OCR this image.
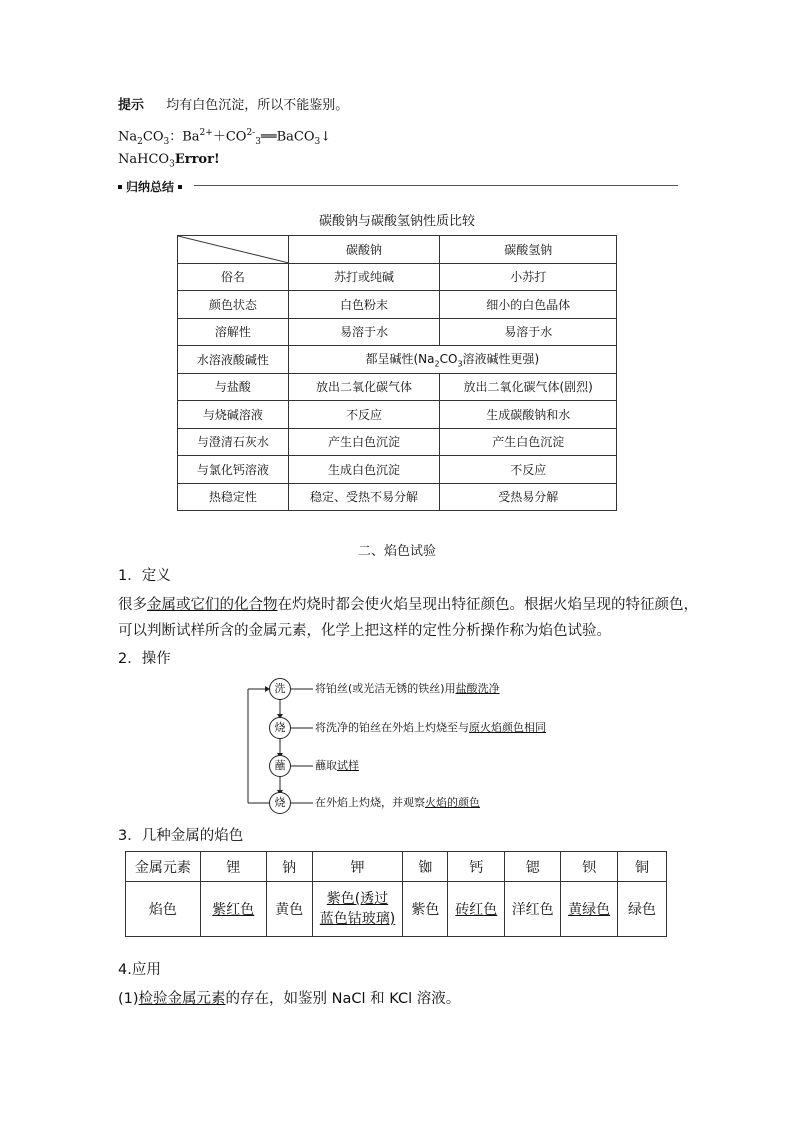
提示 均有白色沉淀，所以不能鉴别。
$Na_2CO_3$：$Ba^{2+}+CO^{2-}_3══BaCO_3↓$
NaHCO$_3$Error!
归纳总结
碳酸钠与碳酸氢钠性质比较
	碳酸钠	碳酸氢钠
俗名	苏打或纯碱	小苏打
颜色状态	白色粉末	细小的白色晶体
溶解性	易溶于水	易溶于水
水溶液酸碱性	都呈碱性($Na_2CO_3$溶液碱性更强)	
与盐酸	放出二氧化碳气体	放出二氧化碳气体(剧烈)
与烧碱溶液	不反应	生成碳酸钠和水
与澄清石灰水	产生白色沉淀	产生白色沉淀
与氯化钙溶液	生成白色沉淀	不反应
热稳定性	稳定、受热不易分解	受热易分解
二、焰色试验
1．定义
很多金属或它们的化合物在灼烧时都会使火焰呈现出特征颜色。根据火焰呈现的特征颜色，
可以判断试样所含的金属元素，化学上把这样的定性分析操作称为焰色试验。
2．操作
洗
烧
蘸
烧
将铂丝(或光洁无锈的铁丝)用盐酸洗净
将洗净的铂丝在外焰上灼烧至与原火焰颜色相同
蘸取试样
在外焰上灼烧，并观察火焰的颜色
3．几种金属的焰色
金属元素	锂	钠	钾	铷	钙	锶	钡	铜
焰色	紫红色	黄色	紫色(透过
蓝色钴玻璃)	紫色	砖红色	洋红色	黄绿色	绿色
4.应用
(1)检验金属元素的存在，如鉴别 NaCl 和 KCl 溶液。
